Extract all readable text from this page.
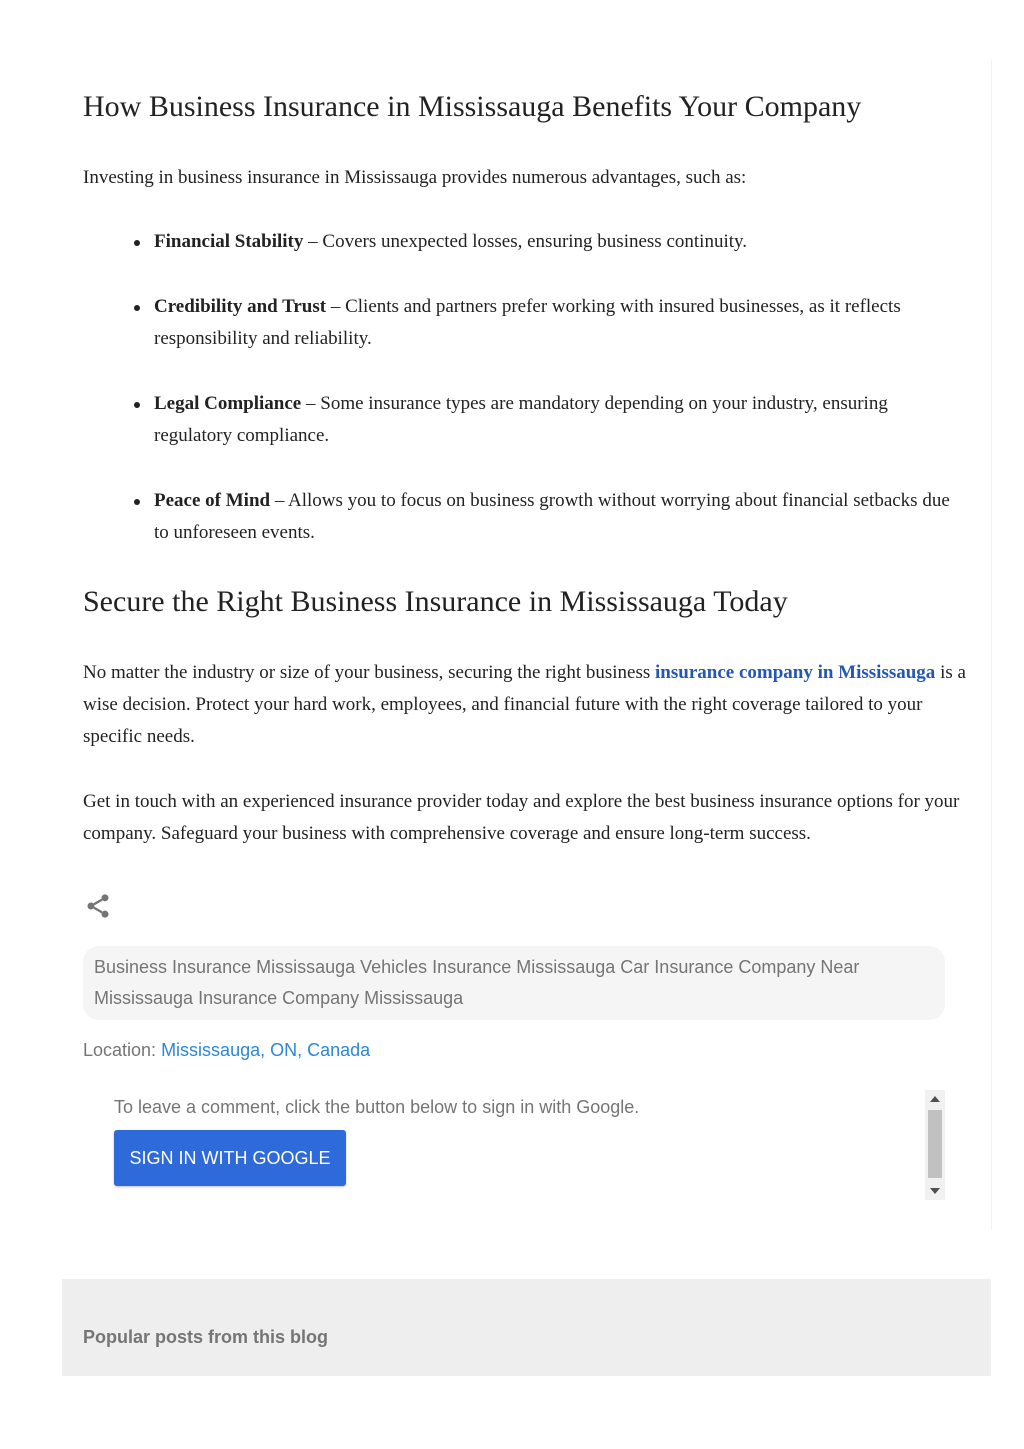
How Business Insurance in Mississauga Benefits Your Company

Investing in business insurance in Mississauga provides numerous advantages, such as:

Financial Stability – Covers unexpected losses, ensuring business continuity.
Credibility and Trust – Clients and partners prefer working with insured businesses, as it reflects responsibility and reliability.
Legal Compliance – Some insurance types are mandatory depending on your industry, ensuring regulatory compliance.
Peace of Mind – Allows you to focus on business growth without worrying about financial setbacks due to unforeseen events.
Secure the Right Business Insurance in Mississauga Today

No matter the industry or size of your business, securing the right business insurance company in Mississauga is a wise decision. Protect your hard work, employees, and financial future with the right coverage tailored to your specific needs.

Get in touch with an experienced insurance provider today and explore the best business insurance options for your company. Safeguard your business with comprehensive coverage and ensure long-term success.

Business Insurance Mississauga Vehicles Insurance Mississauga Car Insurance Company Near Mississauga Insurance Company Mississauga
Location: Mississauga, ON, Canada
To leave a comment, click the button below to sign in with Google.
SIGN IN WITH GOOGLE
Popular posts from this blog
